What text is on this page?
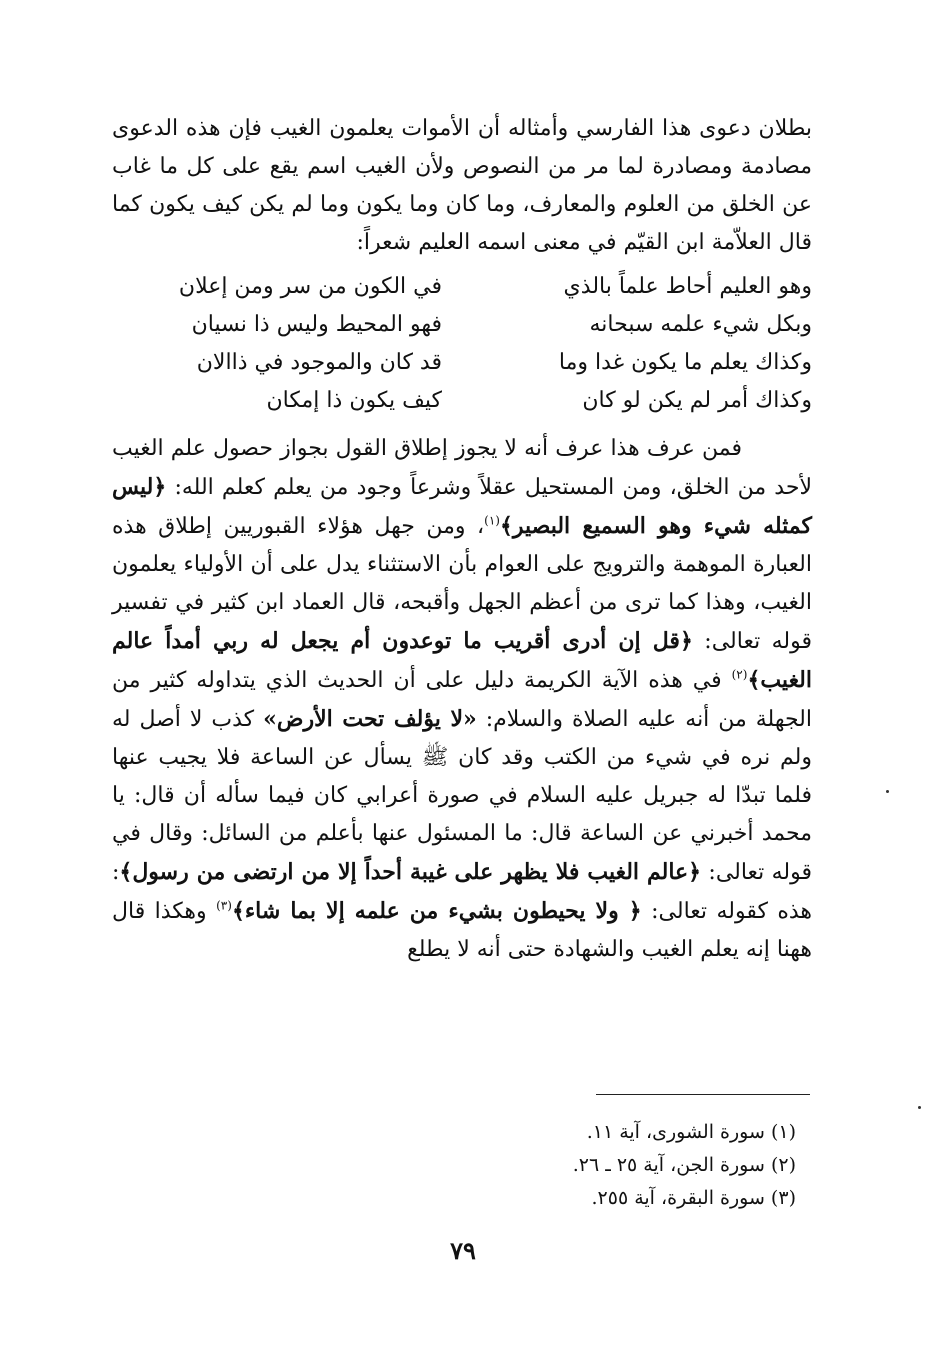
بطلان دعوى هذا الفارسي وأمثاله أن الأموات يعلمون الغيب فإن هذه الدعوى مصادمة ومصادرة لما مر من النصوص ولأن الغيب اسم يقع على كل ما غاب عن الخلق من العلوم والمعارف، وما كان وما يكون وما لم يكن كيف يكون كما قال العلاّمة ابن القيّم في معنى اسمه العليم شعراً:

وهو العليم أحاط علماً بالذي
في الكون من سر ومن إعلان
وبكل شيء علمه سبحانه
فهو المحيط وليس ذا نسيان
وكذاك يعلم ما يكون غدا وما
قد كان والموجود في ذاالان
وكذاك أمر لم يكن لو كان
كيف يكون ذا إمكان

فمن عرف هذا عرف أنه لا يجوز إطلاق القول بجواز حصول علم الغيب لأحد من الخلق، ومن المستحيل عقلاً وشرعاً وجود من يعلم كعلم الله: ﴿ليس كمثله شيء وهو السميع البصير﴾$^{(١)}$، ومن جهل هؤلاء القبوريين إطلاق هذه العبارة الموهمة والترويج على العوام بأن الاستثناء يدل على أن الأولياء يعلمون الغيب، وهذا كما ترى من أعظم الجهل وأقبحه، قال العماد ابن كثير في تفسير قوله تعالى: ﴿قل إن أدرى أقريب ما توعدون أم يجعل له ربي أمداً عالم الغيب﴾$^{(٢)}$ في هذه الآية الكريمة دليل على أن الحديث الذي يتداوله كثير من الجهلة من أنه عليه الصلاة والسلام: «لا يؤلف تحت الأرض» كذب لا أصل له ولم نره في شيء من الكتب وقد كان ﷺ يسأل عن الساعة فلا يجيب عنها فلما تبدّا له جبريل عليه السلام في صورة أعرابي كان فيما سأله أن قال: يا محمد أخبرني عن الساعة قال: ما المسئول عنها بأعلم من السائل: وقال في قوله تعالى: ﴿عالم الغيب فلا يظهر على غيبة أحداً إلا من ارتضى من رسول﴾: هذه كقوله تعالى: ﴿ ولا يحيطون بشيء من علمه إلا بما شاء﴾$^{(٣)}$ وهكذا قال ههنا إنه يعلم الغيب والشهادة حتى أنه لا يطلع

(١) سورة الشورى، آية ١١.
(٢) سورة الجن، آية ٢٥ ـ ٢٦.
(٣) سورة البقرة، آية ٢٥٥.
٧٩
